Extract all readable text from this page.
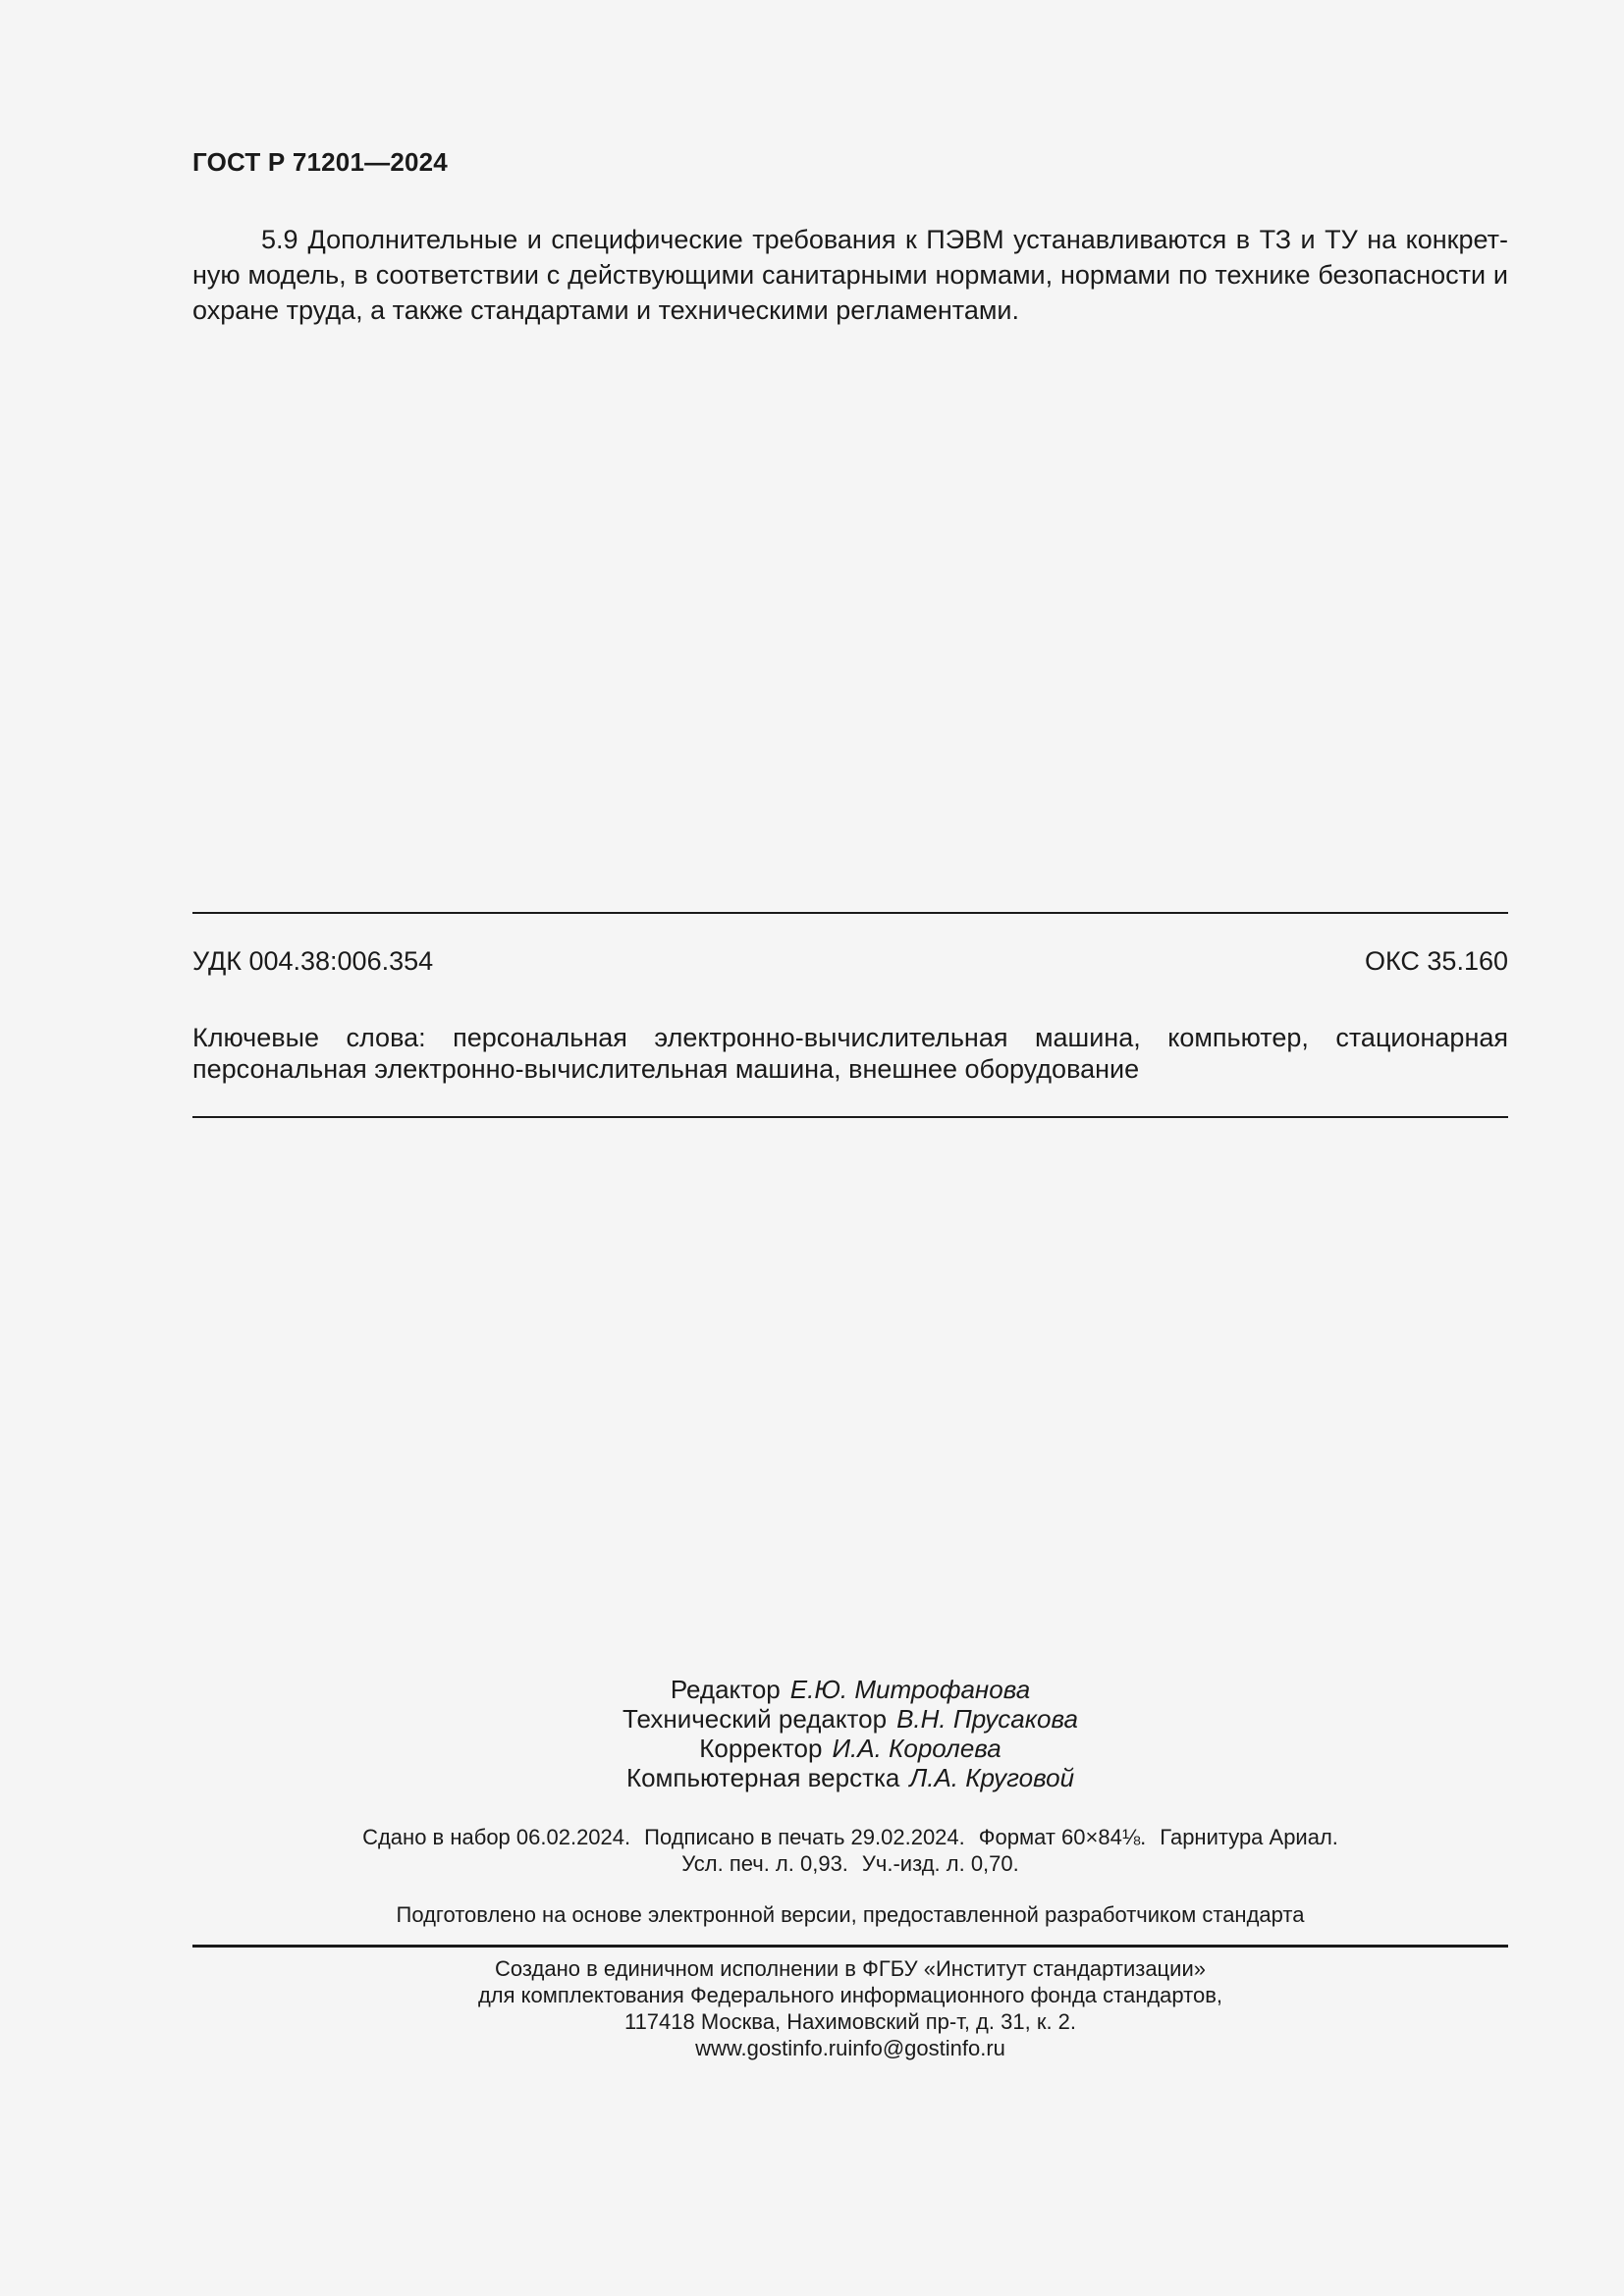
ГОСТ Р 71201—2024
5.9 Дополнительные и специфические требования к ПЭВМ устанавливаются в ТЗ и ТУ на конкрет- ную модель, в соответствии с действующими санитарными нормами, нормами по технике безопасности и охране труда, а также стандартами и техническими регламентами.
УДК 004.38:006.354	ОКС 35.160
Ключевые слова: персональная электронно-вычислительная машина, компьютер, стационарная
персональная электронно-вычислительная машина, внешнее оборудование
Редактор Е.Ю. Митрофанова
Технический редактор В.Н. Прусакова
Корректор И.А. Королева
Компьютерная верстка Л.А. Круговой
Сдано в набор 06.02.2024. Подписано в печать 29.02.2024. Формат 60×84⅛. Гарнитура Ариал.
Усл. печ. л. 0,93. Уч.-изд. л. 0,70.
Подготовлено на основе электронной версии, предоставленной разработчиком стандарта
Создано в единичном исполнении в ФГБУ «Институт стандартизации»
для комплектования Федерального информационного фонда стандартов,
117418 Москва, Нахимовский пр-т, д. 31, к. 2.
www.gostinfo.ruinfo@gostinfo.ru
